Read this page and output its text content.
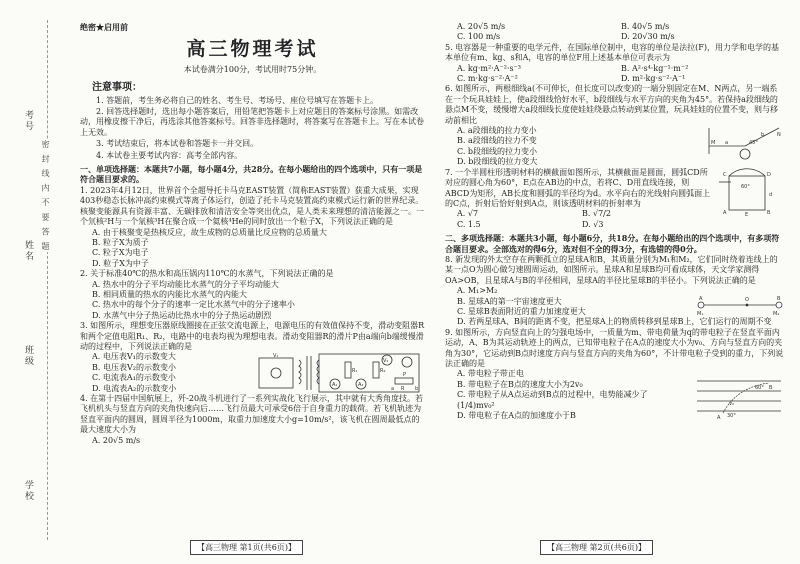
密 封 线 内 不 要 答 题
考号
姓名
班级
学校
绝密★启用前
高三物理考试
本试卷满分100分，考试用时75分钟。
注意事项：

1. 答题前，考生务必将自己的姓名、考生号、考场号、座位号填写在答题卡上。

2. 回答选择题时，选出每小题答案后，用铅笔把答题卡上对应题目的答案标号涂黑。如需改动，用橡皮擦干净后，再选涂其他答案标号。回答非选择题时，将答案写在答题卡上。写在本试卷上无效。

3. 考试结束后，将本试卷和答题卡一并交回。

4. 本试卷主要考试内容：高考全部内容。

一、单项选择题：本题共7小题，每小题4分，共28分。在每小题给出的四个选项中，只有一项是符合题目要求的。

1. 2023年4月12日，世界首个全超导托卡马克EAST装置（简称EAST装置）获重大成果，实现403秒稳态长脉冲高约束模式等离子体运行，创造了托卡马克装置高约束模式运行新的世界纪录。核聚变能源具有资源丰富、无碳排放和清洁安全等突出优点，是人类未来理想的清洁能源之一。一个氘核²H与一个氚核³H在聚合成一个氦核⁴He的同时放出一个粒子X，下列说法正确的是

A. 由于核聚变是热核反应，故生成物的总质量比反应物的总质量大

B. 粒子X为质子

C. 粒子X为电子

D. 粒子X为中子

2. 关于标准40℃的热水和高压锅内110℃的水蒸气，下列说法正确的是

A. 热水中的分子平均动能比水蒸气的分子平均动能大

B. 相同质量的热水的内能比水蒸气的内能大

C. 热水中的每个分子的速率一定比水蒸气中的分子速率小

D. 水蒸气中分子热运动比热水中的分子热运动剧烈

3. 如图所示，理想变压器原线圈接在正弦交流电源上，电源电压的有效值保持不变，滑动变阻器R和两个定值电阻R₁、R₂，电路中的电表均视为理想电表。滑动变阻器R的滑片P由a端向b端缓慢滑动的过程中，下列说法正确的是

A. 电压表V₁的示数变大

B. 电压表V₂的示数变小

C. 电流表A₁的示数变小

D. 电流表A₂的示数变小

V₁
A₁
V₂
A₂
R₁	R₂
R
P
a	b

4. 在第十四届中国航展上，歼-20战斗机进行了一系列实战化飞行展示，其中就有大秀角度技。若飞机机头与竖直方向的夹角快速向后……飞行员最大可承受6倍于自身重力的载荷。若飞机轨迹为竖直平面内的圆周，圆周半径为1000m，取重力加速度大小g=10m/s²，该飞机在圆周最低点的最大速度大小为

A. 20√5 m/s

【高三物理 第1页(共6页)】
A. 20√5 m/s	B. 40√5 m/s
C. 100 m/s	D. 20√30 m/s

5. 电容器是一种重要的电学元件，在国际单位制中，电容的单位是法拉(F)，用力学和电学的基本单位有m、kg、s和A，电容的单位F用上述基本单位可表示为

A. kg·m²·A⁻²·s⁻³	B. A²·s⁴·kg⁻¹·m⁻²
C. m·kg·s⁻²·A⁻²	D. m²·kg·s⁻²·A⁻¹

6. 如图所示，两根细线a(不可伸长，但长度可以改变)的一端分别固定在M、N两点，另一端系在一个玩具娃娃上，使a段细线恰好水平，b段细线与水平方向的夹角为45°。若保持a段细线的悬点M不变，缓慢增大a段细线长度使娃娃绕悬点转动到某位置，玩具娃娃的位置不变，则与移动前相比

A. a段细线的拉力变小

B. a段细线的拉力不变

C. b段细线的拉力变小

D. b段细线的拉力变大

M
N
a
b
45°

7. 一个半圆柱形透明材料的横截面如图所示，其横截面是圆面，圆弧CD所对应的圆心角为60°，E点在AB边的中点，若将C、D用直线连接，则ABCD为矩形，AB长度和圆弧的半径均为d。水平向右的光线射向圆弧面上的C点，折射后恰好射到A点，则该透明材料的折射率为

A. √7	B. √7/2
C. 1.5	D. √3
A	B
C	D
E
d
60°
二、多项选择题：本题共3小题，每小题6分，共18分。在每小题给出的四个选项中，有多项符合题目要求。全部选对的得6分，选对但不全的得3分，有选错的得0分。

8. 新发现的外太空存在两颗孤立的星球A和B，其质量分别为M₁和M₂，它们同时绕着连线上的某一点O为圆心做匀速圆周运动，如图所示。星球A和星球B均可看成球体，天文学家测得OA>OB，且星球A与B的半径相同，星球A的半径比星球B的半径小。下列说法正确的是

A. M₁>M₂

B. 星球A的第一宇宙速度更大

C. 星球B表面附近的重力加速度更大

D. 若两星球A、B间的距离不变，把星球A上的物质转移到星球B上，它们运行的周期不变

A	O	B
M₁	M₂

9. 如图所示，方向竖直向上的匀强电场中，一质量为m、带电荷量为q的带电粒子在竖直平面内运动，A、B为其运动轨迹上的两点，已知带电粒子在A点的速度大小为v₀、方向与竖直方向的夹角为30°，它运动到B点时速度方向与竖直方向的夹角为60°，不计带电粒子受到的重力，下列说法正确的是

A. 带电粒子带正电

B. 带电粒子在B点的速度大小为2v₀

C. 带电粒子从A点运动到B点的过程中，电势能减少了(1/4)mv₀²

D. 带电粒子在A点的加速度小于B	A
B
v₀
30°
60°
【高三物理 第2页(共6页)】
